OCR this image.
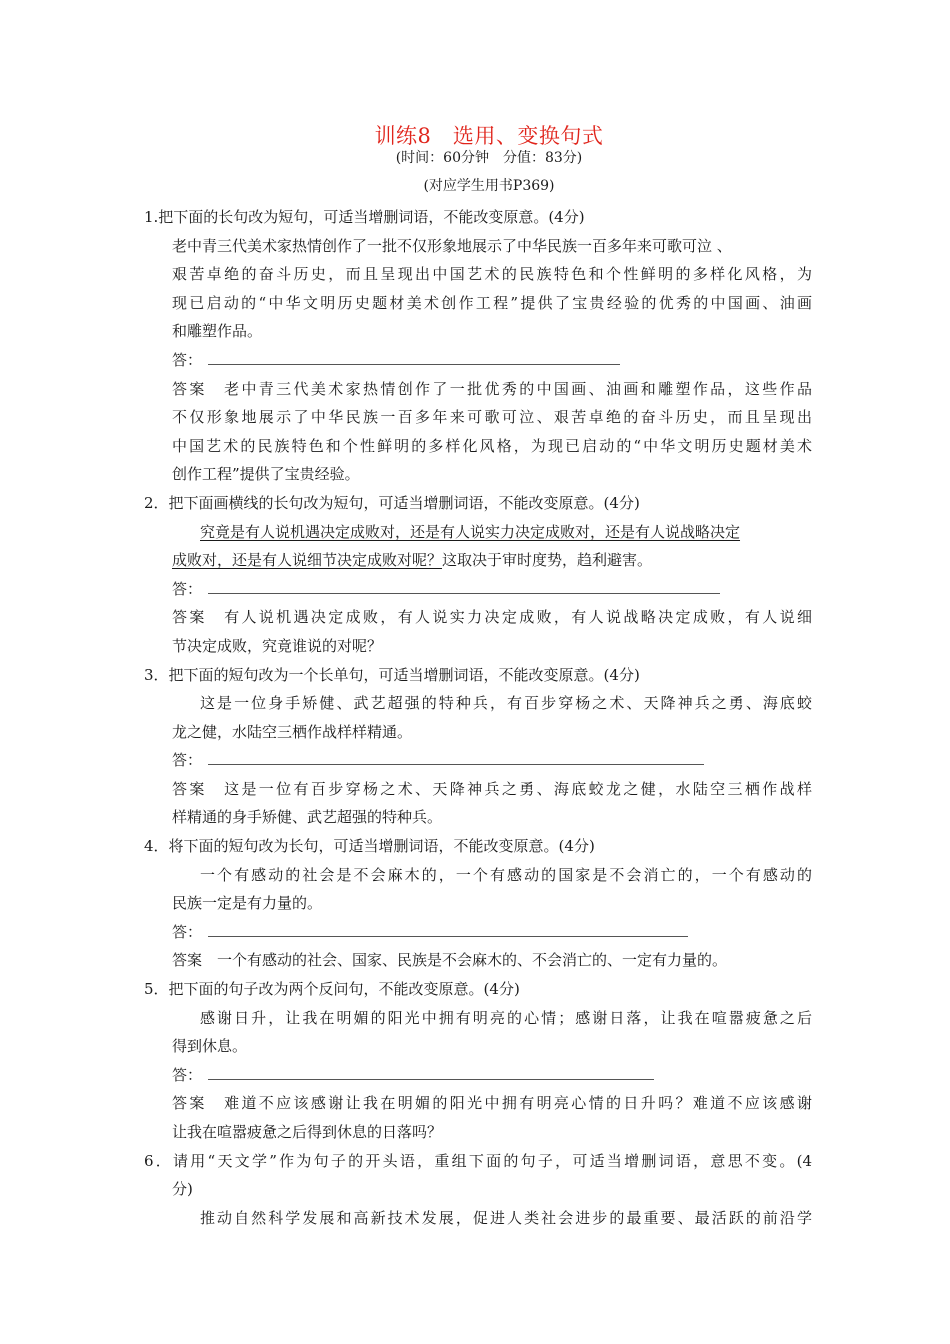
训练8　选用、变换句式
(时间：60分钟　分值：83分)
(对应学生用书P369)
1.把下面的长句改为短句，可适当增删词语，不能改变原意。(4分)
老中青三代美术家热情创作了一批不仅形象地展示了中华民族一百多年来可歌可泣 、
艰苦卓绝的奋斗历史，而且呈现出中国艺术的民族特色和个性鲜明的多样化风格，为
现已启动的“中华文明历史题材美术创作工程”提供了宝贵经验的优秀的中国画、油画
和雕塑作品。
答：
答案　老中青三代美术家热情创作了一批优秀的中国画、油画和雕塑作品，这些作品
不仅形象地展示了中华民族一百多年来可歌可泣、艰苦卓绝的奋斗历史，而且呈现出
中国艺术的民族特色和个性鲜明的多样化风格，为现已启动的“中华文明历史题材美术
创作工程”提供了宝贵经验。
2．把下面画横线的长句改为短句，可适当增删词语，不能改变原意。(4分)
究竟是有人说机遇决定成败对，还是有人说实力决定成败对，还是有人说战略决定
成败对，还是有人说细节决定成败对呢？这取决于审时度势，趋利避害。
答：
答案　有人说机遇决定成败，有人说实力决定成败，有人说战略决定成败，有人说细
节决定成败，究竟谁说的对呢？
3．把下面的短句改为一个长单句，可适当增删词语，不能改变原意。(4分)
这是一位身手矫健、武艺超强的特种兵，有百步穿杨之术、天降神兵之勇、海底蛟
龙之健，水陆空三栖作战样样精通。
答：
答案　这是一位有百步穿杨之术、天降神兵之勇、海底蛟龙之健，水陆空三栖作战样
样精通的身手矫健、武艺超强的特种兵。
4．将下面的短句改为长句，可适当增删词语，不能改变原意。(4分)
一个有感动的社会是不会麻木的，一个有感动的国家是不会消亡的，一个有感动的
民族一定是有力量的。
答：
答案　一个有感动的社会、国家、民族是不会麻木的、不会消亡的、一定有力量的。
5．把下面的句子改为两个反问句，不能改变原意。(4分)
感谢日升，让我在明媚的阳光中拥有明亮的心情；感谢日落，让我在喧嚣疲惫之后
得到休息。
答：
答案　难道不应该感谢让我在明媚的阳光中拥有明亮心情的日升吗？难道不应该感谢
让我在喧嚣疲惫之后得到休息的日落吗？
6．请用“天文学”作为句子的开头语，重组下面的句子，可适当增删词语，意思不变。(4
分)
推动自然科学发展和高新技术发展，促进人类社会进步的最重要、最活跃的前沿学
